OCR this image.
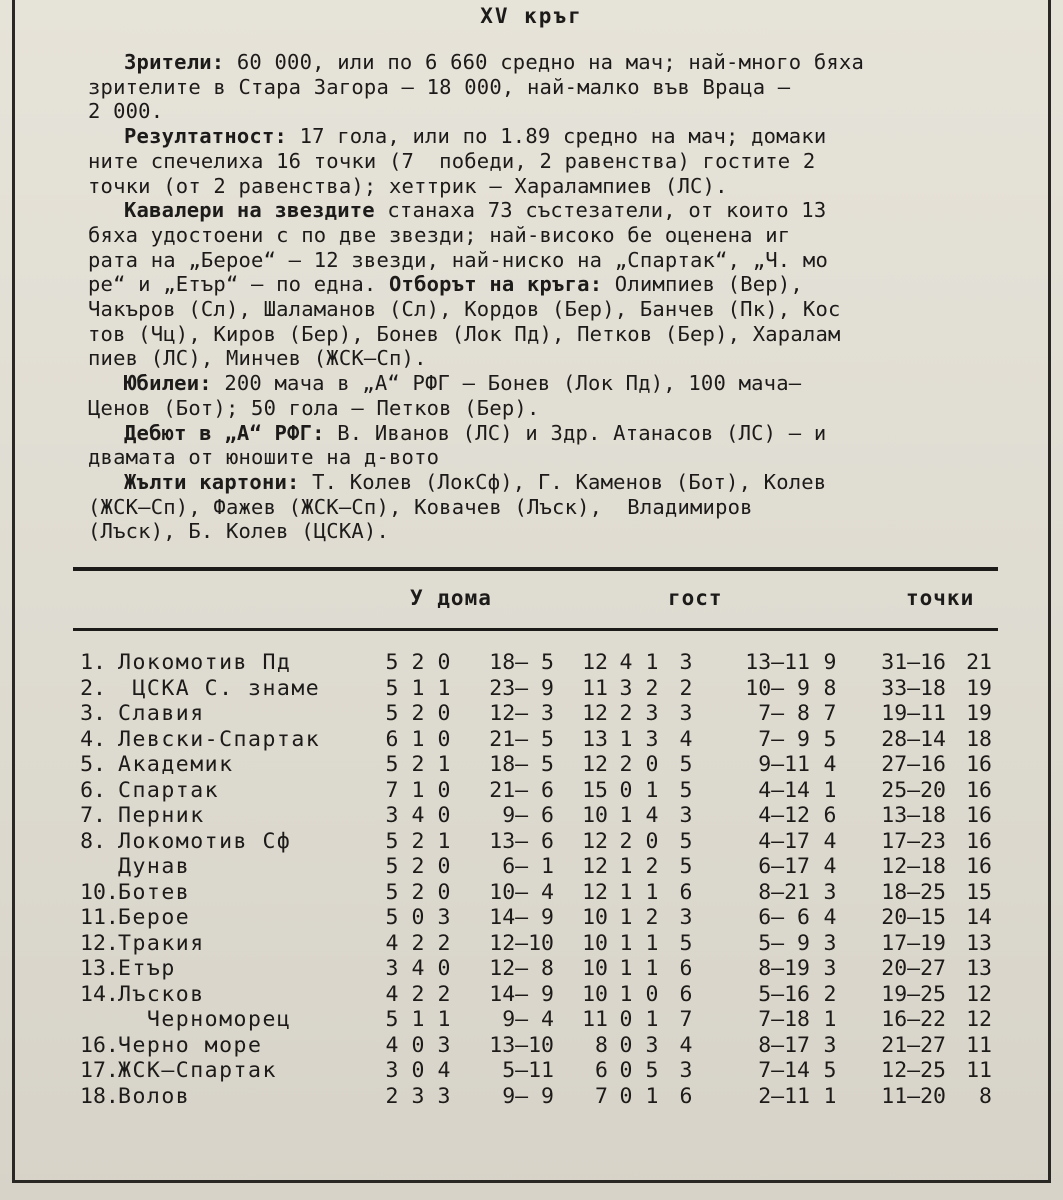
XV кръг
Зрители: 60 000, или по 6 660 средно на мач; най-много бяха
зрителите в Стара Загора — 18 000, най-малко във Враца —
2 000.
Резултатност: 17 гола, или по 1.89 средно на мач; домаки
ните спечелиха 16 точки (7  победи, 2 равенства) гостите 2
точки (от 2 равенства); хеттрик — Харалампиев (ЛС).
Кавалери на звездите станаха 73 състезатели, от които 13
бяха удостоени с по две звезди; най-високо бе оценена иг
рата на „Берое“ — 12 звезди, най-ниско на „Спартак“, „Ч. мо
ре“ и „Етър“ — по една. Отборът на кръга: Олимпиев (Вер),
Чакъров (Сл), Шаламанов (Сл), Кордов (Бер), Банчев (Пк), Кос
тов (Чц), Киров (Бер), Бонев (Лок Пд), Петков (Бер), Харалам
пиев (ЛС), Минчев (ЖСК—Сп).
Юбилеи: 200 мача в „А“ РФГ — Бонев (Лок Пд), 100 мача—
Ценов (Бот); 50 гола — Петков (Бер).
Дебют в „А“ РФГ: В. Иванов (ЛС) и Здр. Атанасов (ЛС) — и
двамата от юношите на д-вото
Жълти картони: Т. Колев (ЛокСф), Г. Каменов (Бот), Колев
(ЖСК—Сп), Фажев (ЖСК—Сп), Ковачев (Лъск),  Владимиров
(Лъск), Б. Колев (ЦСКА).
У дома	гост	точки
1. Локомотив Пд	5 2 0	18— 5	12 4 1 3	13—11 9	31—16 21
2. ЦСКА С. знаме	5 1 1	23— 9	11 3 2 2	10— 9 8	33—18 19
3. Славия	5 2 0	12— 3	12 2 3 3	7— 8 7	19—11 19
4. Левски-Спартак	6 1 0	21— 5	13 1 3 4	7— 9 5	28—14 18
5. Академик	5 2 1	18— 5	12 2 0 5	9—11 4	27—16 16
6. Спартак	7 1 0	21— 6	15 0 1 5	4—14 1	25—20 16
7. Перник	3 4 0	9— 6	10 1 4 3	4—12 6	13—18 16
8. Локомотив Сф	5 2 1	13— 6	12 2 0 5	4—17 4	17—23 16
Дунав	5 2 0	6— 1	12 1 2 5	6—17 4	12—18 16
10. Ботев	5 2 0	10— 4	12 1 1 6	8—21 3	18—25 15
11. Берое	5 0 3	14— 9	10 1 2 3	6— 6 4	20—15 14
12. Тракия	4 2 2	12—10	10 1 1 5	5— 9 3	17—19 13
13. Етър	3 4 0	12— 8	10 1 1 6	8—19 3	20—27 13
14. Лъсков	4 2 2	14— 9	10 1 0 6	5—16 2	19—25 12
Черноморец	5 1 1	9— 4	11 0 1 7	7—18 1	16—22 12
16. Черно море	4 0 3	13—10	8 0 3 4	8—17 3	21—27 11
17. ЖСК—Спартак	3 0 4	5—11	6 0 5 3	7—14 5	12—25 11
18. Волов	2 3 3	9— 9	7 0 1 6	2—11 1	11—20 8
